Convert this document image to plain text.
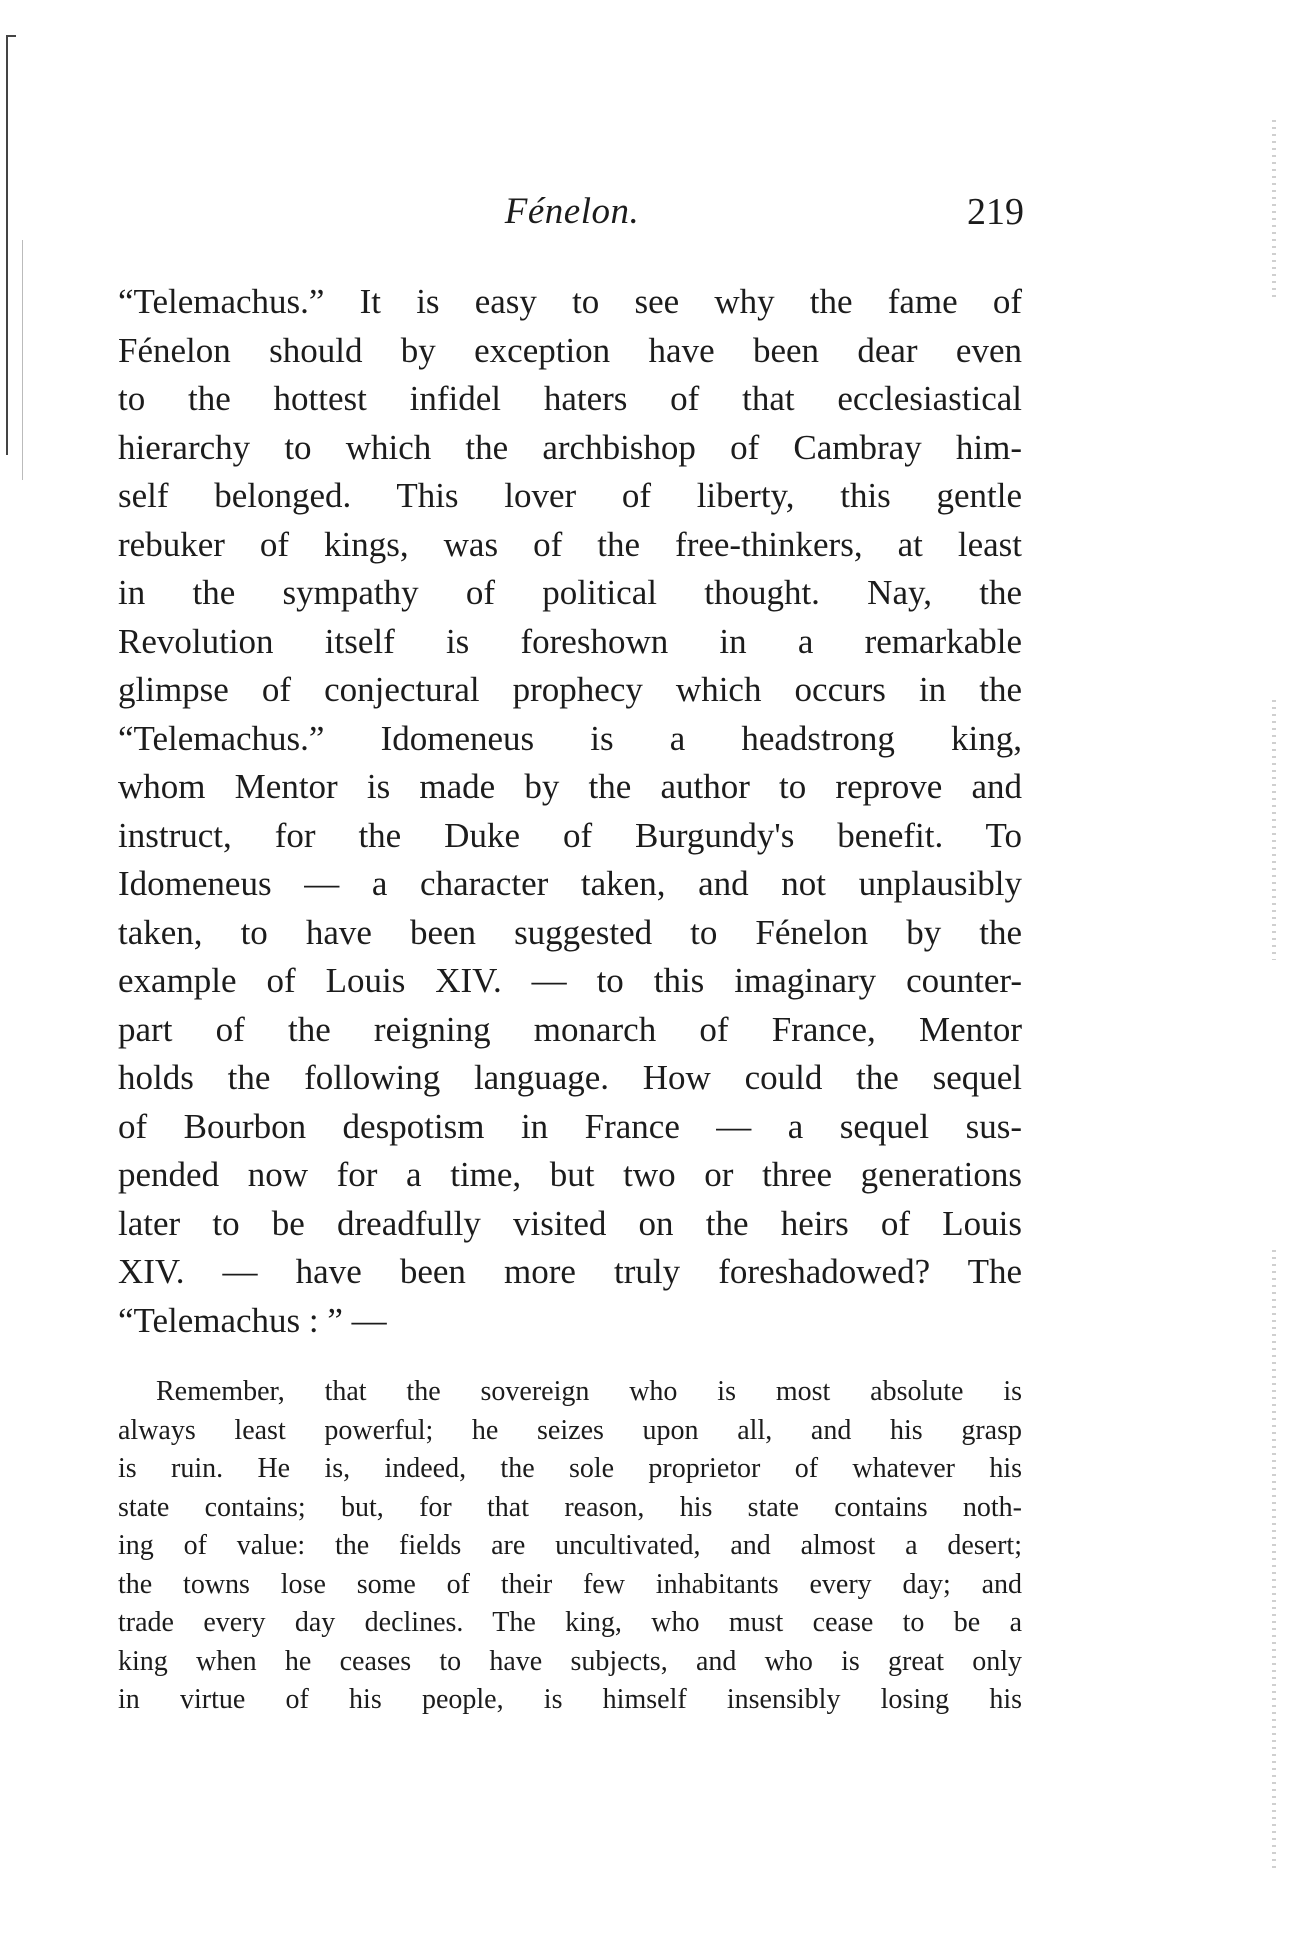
Fénelon.	219
“Telemachus.” It is easy to see why the fame of
Fénelon should by exception have been dear even
to the hottest infidel haters of that ecclesiastical
hierarchy to which the archbishop of Cambray him-
self belonged. This lover of liberty, this gentle
rebuker of kings, was of the free-thinkers, at least
in the sympathy of political thought. Nay, the
Revolution itself is foreshown in a remarkable
glimpse of conjectural prophecy which occurs in the
“Telemachus.” Idomeneus is a headstrong king,
whom Mentor is made by the author to reprove and
instruct, for the Duke of Burgundy's benefit. To
Idomeneus — a character taken, and not unplausibly
taken, to have been suggested to Fénelon by the
example of Louis XIV. — to this imaginary counter-
part of the reigning monarch of France, Mentor
holds the following language. How could the sequel
of Bourbon despotism in France — a sequel sus-
pended now for a time, but two or three generations
later to be dreadfully visited on the heirs of Louis
XIV. — have been more truly foreshadowed? The
“Telemachus : ” —
Remember, that the sovereign who is most absolute is
always least powerful; he seizes upon all, and his grasp
is ruin. He is, indeed, the sole proprietor of whatever his
state contains; but, for that reason, his state contains noth-
ing of value: the fields are uncultivated, and almost a desert;
the towns lose some of their few inhabitants every day; and
trade every day declines. The king, who must cease to be a
king when he ceases to have subjects, and who is great only
in virtue of his people, is himself insensibly losing his
